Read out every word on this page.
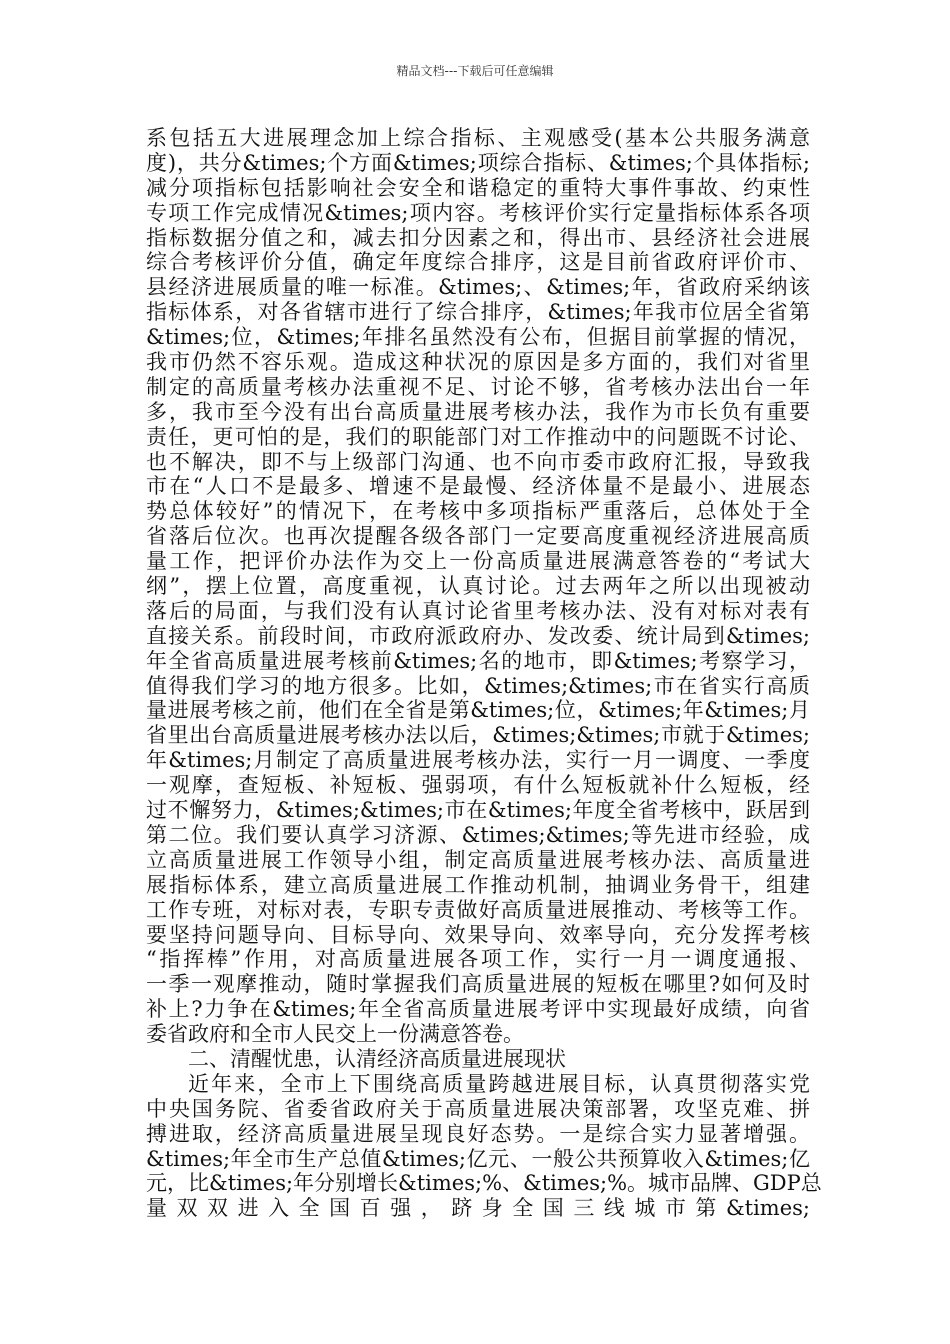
精品文档---下载后可任意编辑
系包括五大进展理念加上综合指标、主观感受(基本公共服务满意
度)，共分&times;个方面&times;项综合指标、&times;个具体指标;
减分项指标包括影响社会安全和谐稳定的重特大事件事故、约束性
专项工作完成情况&times;项内容。考核评价实行定量指标体系各项
指标数据分值之和，减去扣分因素之和，得出市、县经济社会进展
综合考核评价分值，确定年度综合排序，这是目前省政府评价市、
县经济进展质量的唯一标准。&times;、&times;年，省政府采纳该
指标体系，对各省辖市进行了综合排序，&times;年我市位居全省第
&times;位，&times;年排名虽然没有公布，但据目前掌握的情况，
我市仍然不容乐观。造成这种状况的原因是多方面的，我们对省里
制定的高质量考核办法重视不足、讨论不够，省考核办法出台一年
多，我市至今没有出台高质量进展考核办法，我作为市长负有重要
责任，更可怕的是，我们的职能部门对工作推动中的问题既不讨论、
也不解决，即不与上级部门沟通、也不向市委市政府汇报，导致我
市在“人口不是最多、增速不是最慢、经济体量不是最小、进展态
势总体较好”的情况下，在考核中多项指标严重落后，总体处于全
省落后位次。也再次提醒各级各部门一定要高度重视经济进展高质
量工作，把评价办法作为交上一份高质量进展满意答卷的“考试大
纲”，摆上位置，高度重视，认真讨论。过去两年之所以出现被动
落后的局面，与我们没有认真讨论省里考核办法、没有对标对表有
直接关系。前段时间，市政府派政府办、发改委、统计局到&times;
年全省高质量进展考核前&times;名的地市，即&times;考察学习，
值得我们学习的地方很多。比如，&times;&times;市在省实行高质
量进展考核之前，他们在全省是第&times;位，&times;年&times;月
省里出台高质量进展考核办法以后，&times;&times;市就于&times;
年&times;月制定了高质量进展考核办法，实行一月一调度、一季度
一观摩，查短板、补短板、强弱项，有什么短板就补什么短板，经
过不懈努力，&times;&times;市在&times;年度全省考核中，跃居到
第二位。我们要认真学习济源、&times;&times;等先进市经验，成
立高质量进展工作领导小组，制定高质量进展考核办法、高质量进
展指标体系，建立高质量进展工作推动机制，抽调业务骨干，组建
工作专班，对标对表，专职专责做好高质量进展推动、考核等工作。
要坚持问题导向、目标导向、效果导向、效率导向，充分发挥考核
“指挥棒”作用，对高质量进展各项工作，实行一月一调度通报、
一季一观摩推动，随时掌握我们高质量进展的短板在哪里?如何及时
补上?力争在&times;年全省高质量进展考评中实现最好成绩，向省
委省政府和全市人民交上一份满意答卷。
二、清醒忧患，认清经济高质量进展现状
近年来，全市上下围绕高质量跨越进展目标，认真贯彻落实党
中央国务院、省委省政府关于高质量进展决策部署，攻坚克难、拼
搏进取，经济高质量进展呈现良好态势。一是综合实力显著增强。
&times;年全市生产总值&times;亿元、一般公共预算收入&times;亿
元，比&times;年分别增长&times;%、&times;%。城市品牌、GDP总
量双双进入全国百强，跻身全国三线城市第&times;
